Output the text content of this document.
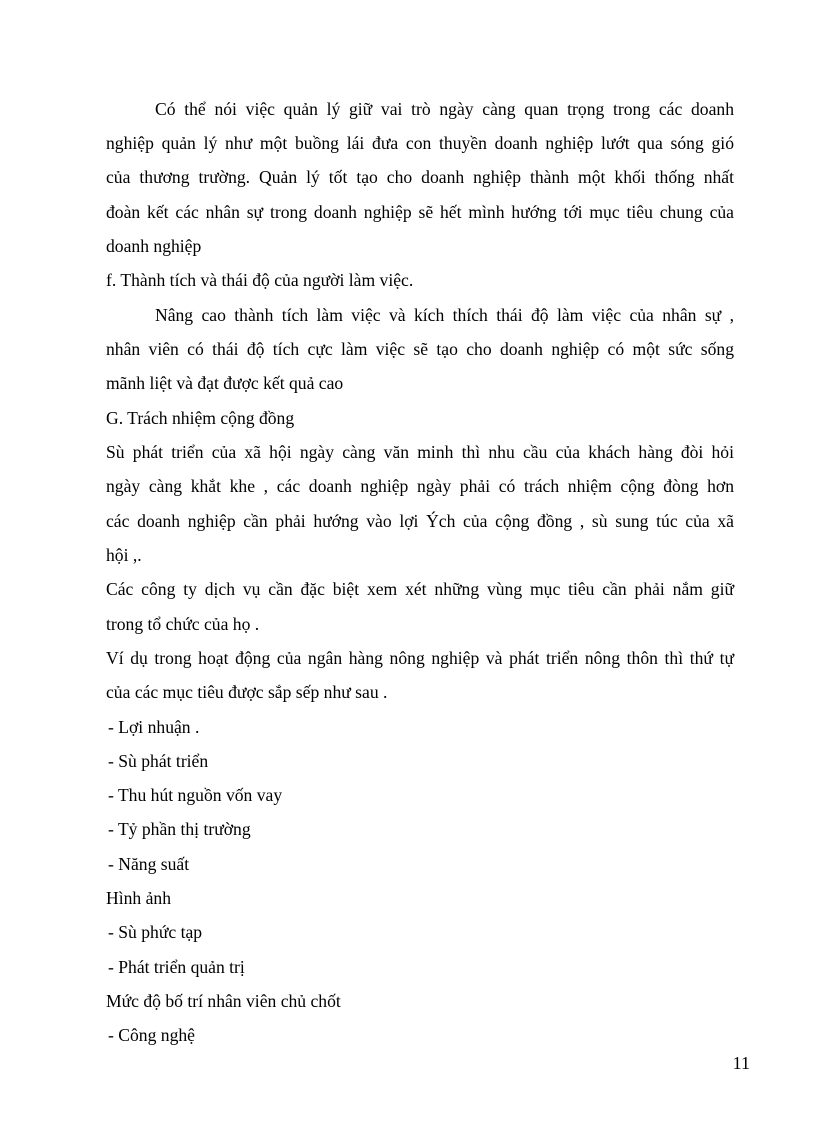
Có thể nói việc quản lý giữ vai trò ngày càng quan trọng trong các doanh
nghiệp quản lý như một buồng lái đưa con thuyền doanh nghiệp lướt qua sóng gió
của thương trường. Quản lý tốt tạo cho doanh nghiệp thành một khối thống nhất
đoàn kết các nhân sự trong doanh nghiệp sẽ hết mình hướng tới mục tiêu chung của
doanh nghiệp
f. Thành tích và thái độ của người làm việc.
Nâng cao thành tích làm việc và kích thích thái độ làm việc của nhân sự ,
nhân viên có thái độ tích cực làm việc sẽ tạo cho doanh nghiệp có một sức sống
mãnh liệt và đạt được kết quả cao
G. Trách nhiệm cộng đồng
Sù phát triển của xã hội ngày càng văn minh thì nhu cầu của khách hàng đòi hỏi
ngày càng khắt khe , các doanh nghiệp ngày phải có trách nhiệm cộng đòng hơn
các doanh nghiệp cần phải hướng vào lợi Ých của cộng đồng , sù sung túc của xã
hội ,.
Các công ty dịch vụ cần đặc biệt xem xét những vùng mục tiêu cần phải nắm giữ
trong tổ chức của họ .
Ví dụ trong hoạt động của ngân hàng nông nghiệp và phát triển nông thôn thì thứ tự
của các mục tiêu được sắp sếp như sau .
- Lợi nhuận .
- Sù phát triển
- Thu hút nguồn vốn vay
- Tỷ phần thị trường
- Năng suất
Hình ảnh
- Sù phức tạp
- Phát triển quản trị
Mức độ bố trí nhân viên chủ chốt
- Công nghệ
11
